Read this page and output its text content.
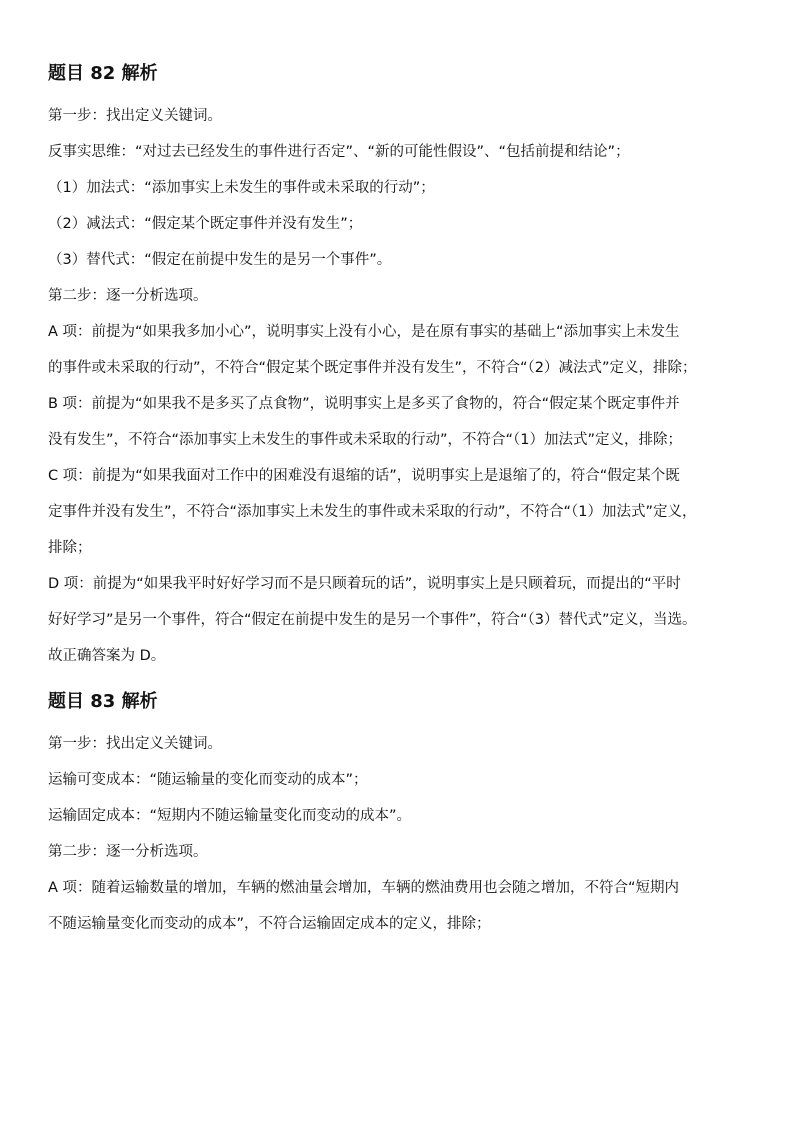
题目 82 解析

第一步：找出定义关键词。

反事实思维：“对过去已经发生的事件进行否定”、“新的可能性假设”、“包括前提和结论”；

（1）加法式：“添加事实上未发生的事件或未采取的行动”；

（2）减法式：“假定某个既定事件并没有发生”；

（3）替代式：“假定在前提中发生的是另一个事件”。

第二步：逐一分析选项。

A 项：前提为“如果我多加小心”，说明事实上没有小心，是在原有事实的基础上“添加事实上未发生

的事件或未采取的行动”，不符合“假定某个既定事件并没有发生”，不符合“（2）减法式”定义，排除；

B 项：前提为“如果我不是多买了点食物”，说明事实上是多买了食物的，符合“假定某个既定事件并

没有发生”，不符合“添加事实上未发生的事件或未采取的行动”，不符合“（1）加法式”定义，排除；

C 项：前提为“如果我面对工作中的困难没有退缩的话”，说明事实上是退缩了的，符合“假定某个既

定事件并没有发生”，不符合“添加事实上未发生的事件或未采取的行动”，不符合“（1）加法式”定义，

排除；

D 项：前提为“如果我平时好好学习而不是只顾着玩的话”，说明事实上是只顾着玩，而提出的“平时

好好学习”是另一个事件，符合“假定在前提中发生的是另一个事件”，符合“（3）替代式”定义，当选。

故正确答案为 D。

题目 83 解析

第一步：找出定义关键词。

运输可变成本：“随运输量的变化而变动的成本”；

运输固定成本：“短期内不随运输量变化而变动的成本”。

第二步：逐一分析选项。

A 项：随着运输数量的增加，车辆的燃油量会增加，车辆的燃油费用也会随之增加，不符合“短期内

不随运输量变化而变动的成本”，不符合运输固定成本的定义，排除；
